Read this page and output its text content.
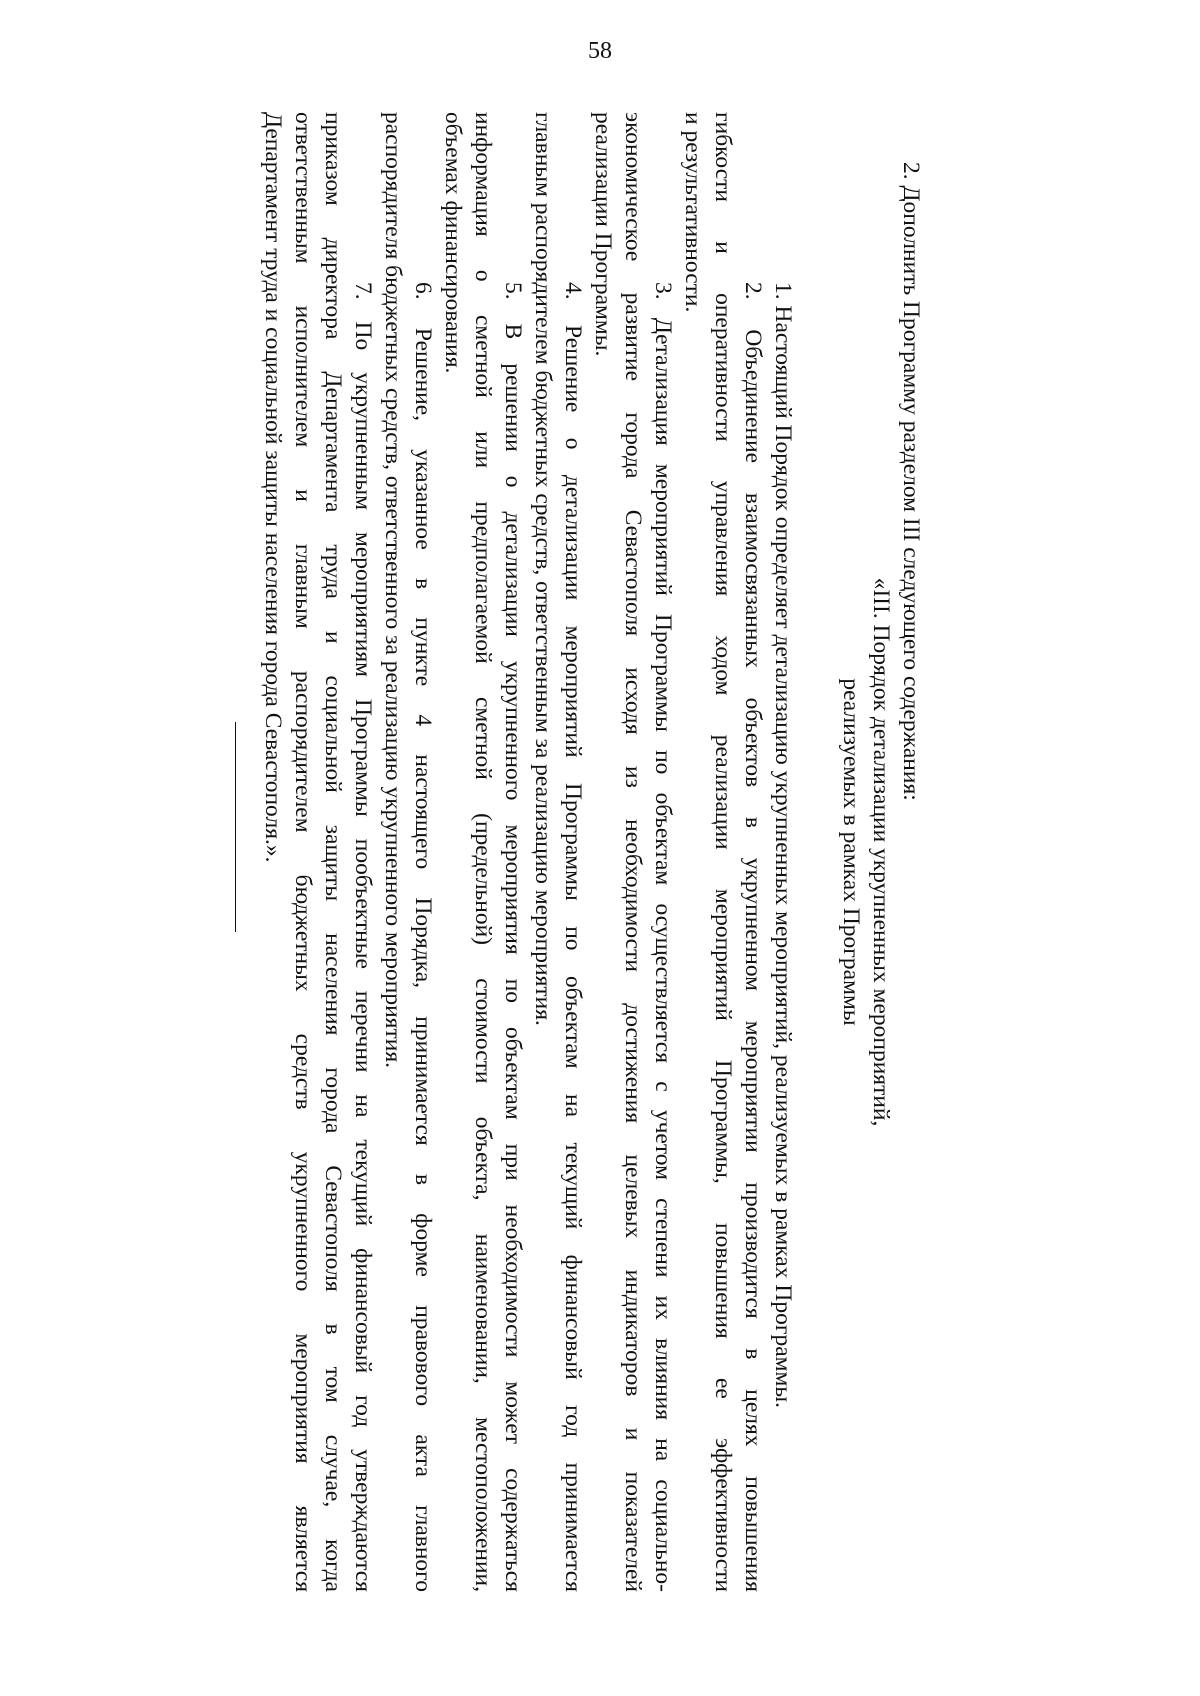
58
2. Дополнить Программу разделом III следующего содержания:
«III. Порядок детализации укрупненных мероприятий,
реализуемых в рамках Программы
1. Настоящий Порядок определяет детализацию укрупненных мероприятий, реализуемых в рамках Программы.
2. Объединение взаимосвязанных объектов в укрупненном мероприятии производится в целях повышения
гибкости и оперативности управления ходом реализации мероприятий Программы, повышения ее эффективности
и результативности.
3. Детализация мероприятий Программы по объектам осуществляется с учетом степени их влияния на социально-
экономическое развитие города Севастополя исходя из необходимости достижения целевых индикаторов и показателей
реализации Программы.
4. Решение о детализации мероприятий Программы по объектам на текущий финансовый год принимается
главным распорядителем бюджетных средств, ответственным за реализацию мероприятия.
5. В решении о детализации укрупненного мероприятия по объектам при необходимости может содержаться
информация о сметной или предполагаемой сметной (предельной) стоимости объекта, наименовании, местоположении,
объемах финансирования.
6. Решение, указанное в пункте 4 настоящего Порядка, принимается в форме правового акта главного
распорядителя бюджетных средств, ответственного за реализацию укрупненного мероприятия.
7. По укрупненным мероприятиям Программы пообъектные перечни на текущий финансовый год утверждаются
приказом директора Департамента труда и социальной защиты населения города Севастополя в том случае, когда
ответственным исполнителем и главным распорядителем бюджетных средств укрупненного мероприятия является
Департамент труда и социальной защиты населения города Севастополя.».
